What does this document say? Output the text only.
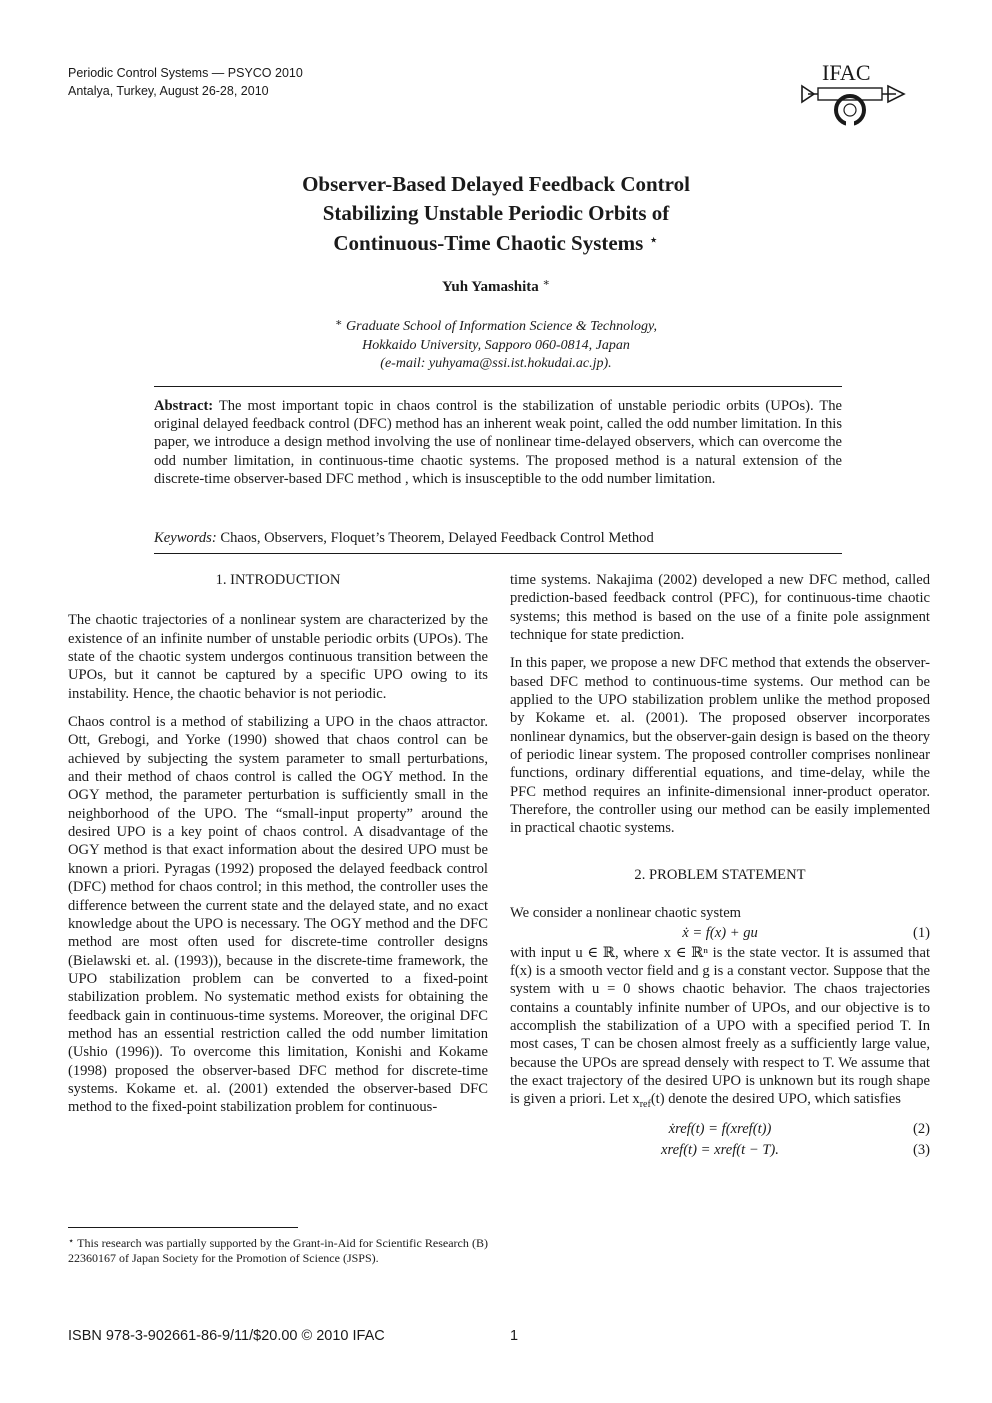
Periodic Control Systems — PSYCO 2010
Antalya, Turkey, August 26-28, 2010
IFAC
Observer-Based Delayed Feedback Control
Stabilizing Unstable Periodic Orbits of
Continuous-Time Chaotic Systems ⋆
Yuh Yamashita ∗
∗ Graduate School of Information Science & Technology,
Hokkaido University, Sapporo 060-0814, Japan
(e-mail: yuhyama@ssi.ist.hokudai.ac.jp).
Abstract: The most important topic in chaos control is the stabilization of unstable periodic orbits (UPOs). The original delayed feedback control (DFC) method has an inherent weak point, called the odd number limitation. In this paper, we introduce a design method involving the use of nonlinear time-delayed observers, which can overcome the odd number limitation, in continuous-time chaotic systems. The proposed method is a natural extension of the discrete-time observer-based DFC method , which is insusceptible to the odd number limitation.
Keywords: Chaos, Observers, Floquet’s Theorem, Delayed Feedback Control Method

1. INTRODUCTION

The chaotic trajectories of a nonlinear system are characterized by the existence of an infinite number of unstable periodic orbits (UPOs). The state of the chaotic system undergos continuous transition between the UPOs, but it cannot be captured by a specific UPO owing to its instability. Hence, the chaotic behavior is not periodic.

Chaos control is a method of stabilizing a UPO in the chaos attractor. Ott, Grebogi, and Yorke (1990) showed that chaos control can be achieved by subjecting the system parameter to small perturbations, and their method of chaos control is called the OGY method. In the OGY method, the parameter perturbation is sufficiently small in the neighborhood of the UPO. The “small-input property” around the desired UPO is a key point of chaos control. A disadvantage of the OGY method is that exact information about the desired UPO must be known a priori. Pyragas (1992) proposed the delayed feedback control (DFC) method for chaos control; in this method, the controller uses the difference between the current state and the delayed state, and no exact knowledge about the UPO is necessary. The OGY method and the DFC method are most often used for discrete-time controller designs (Bielawski et. al. (1993)), because in the discrete-time framework, the UPO stabilization problem can be converted to a fixed-point stabilization problem. No systematic method exists for obtaining the feedback gain in continuous-time systems. Moreover, the original DFC method has an essential restriction called the odd number limitation (Ushio (1996)). To overcome this limitation, Konishi and Kokame (1998) proposed the observer-based DFC method for discrete-time systems. Kokame et. al. (2001) extended the observer-based DFC method to the fixed-point stabilization problem for continuous-

⋆ This research was partially supported by the Grant-in-Aid for Scientific Research (B) 22360167 of Japan Society for the Promotion of Science (JSPS).

time systems. Nakajima (2002) developed a new DFC method, called prediction-based feedback control (PFC), for continuous-time chaotic systems; this method is based on the use of a finite pole assignment technique for state prediction.

In this paper, we propose a new DFC method that extends the observer-based DFC method to continuous-time systems. Our method can be applied to the UPO stabilization problem unlike the method proposed by Kokame et. al. (2001). The proposed observer incorporates nonlinear dynamics, but the observer-gain design is based on the theory of periodic linear system. The proposed controller comprises nonlinear functions, ordinary differential equations, and time-delay, while the PFC method requires an infinite-dimensional inner-product operator. Therefore, the controller using our method can be easily implemented in practical chaotic systems.

2. PROBLEM STATEMENT

We consider a nonlinear chaotic system

ẋ = f(x) + gu	(1)

with input u ∈ ℝ, where x ∈ ℝⁿ is the state vector. It is assumed that f(x) is a smooth vector field and g is a constant vector. Suppose that the system with u = 0 shows chaotic behavior. The chaos trajectories contains a countably infinite number of UPOs, and our objective is to accomplish the stabilization of a UPO with a specified period T. In most cases, T can be chosen almost freely as a sufficiently large value, because the UPOs are spread densely with respect to T. We assume that the exact trajectory of the desired UPO is unknown but its rough shape is given a priori. Let $x_{ref}(t)$ denote the desired UPO, which satisfies

ẋref(t) = f(xref(t))	(2)
xref(t) = xref(t − T).	(3)
ISBN 978-3-902661-86-9/11/$20.00 © 2010 IFAC	1
